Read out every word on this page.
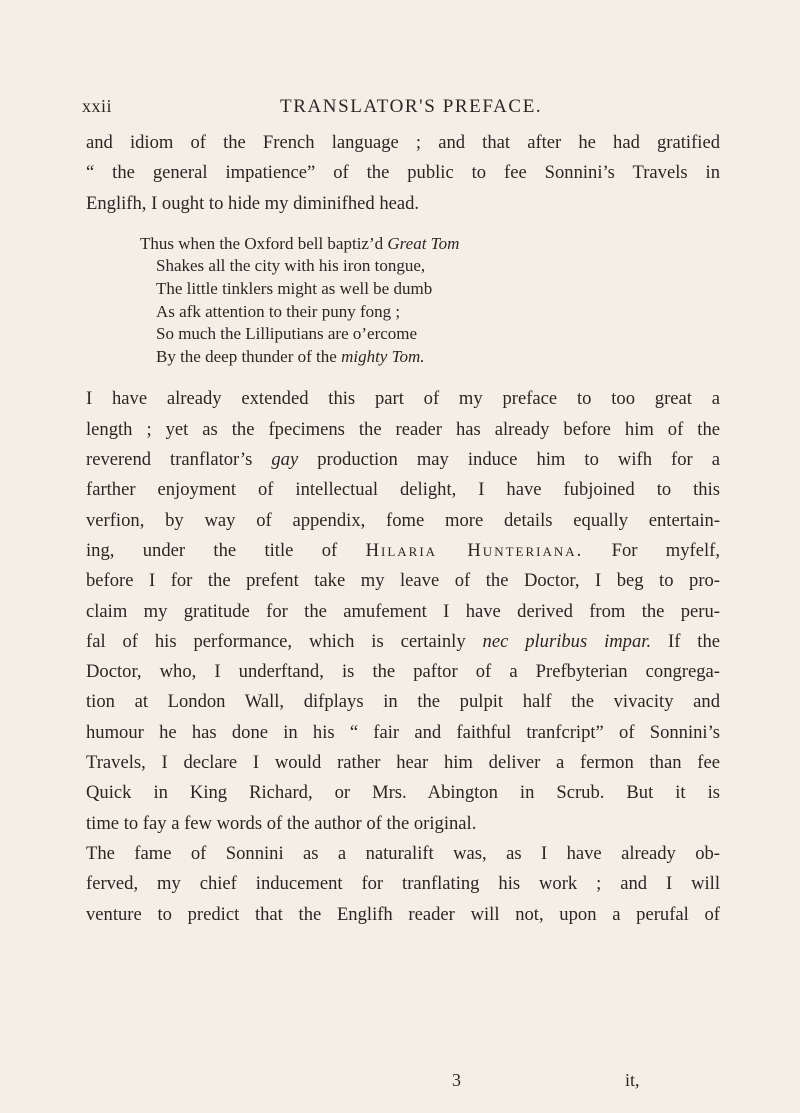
xxii	TRANSLATOR'S PREFACE.

and idiom of the French language ; and that after he had gratified
“ the general impatience” of the public to fee Sonnini’s Travels in
Englifh, I ought to hide my diminifhed head.

Thus when the Oxford bell baptiz’d Great Tom
Shakes all the city with his iron tongue,
The little tinklers might as well be dumb
As afk attention to their puny fong ;
So much the Lilliputians are o’ercome
By the deep thunder of the mighty Tom.

I have already extended this part of my preface to too great a
length ; yet as the fpecimens the reader has already before him of the
reverend tranflator’s gay production may induce him to wifh for a
farther enjoyment of intellectual delight, I have fubjoined to this
verfion, by way of appendix, fome more details equally entertain-
ing, under the title of Hilaria Hunteriana. For myfelf,
before I for the prefent take my leave of the Doctor, I beg to pro-
claim my gratitude for the amufement I have derived from the peru-
fal of his performance, which is certainly nec pluribus impar. If the
Doctor, who, I underftand, is the paftor of a Prefbyterian congrega-
tion at London Wall, difplays in the pulpit half the vivacity and
humour he has done in his “ fair and faithful tranfcript” of Sonnini’s
Travels, I declare I would rather hear him deliver a fermon than fee
Quick in King Richard, or Mrs. Abington in Scrub. But it is
time to fay a few words of the author of the original.

The fame of Sonnini as a naturalift was, as I have already ob-
ferved, my chief inducement for tranflating his work ; and I will
venture to predict that the Englifh reader will not, upon a perufal of

3	it,
